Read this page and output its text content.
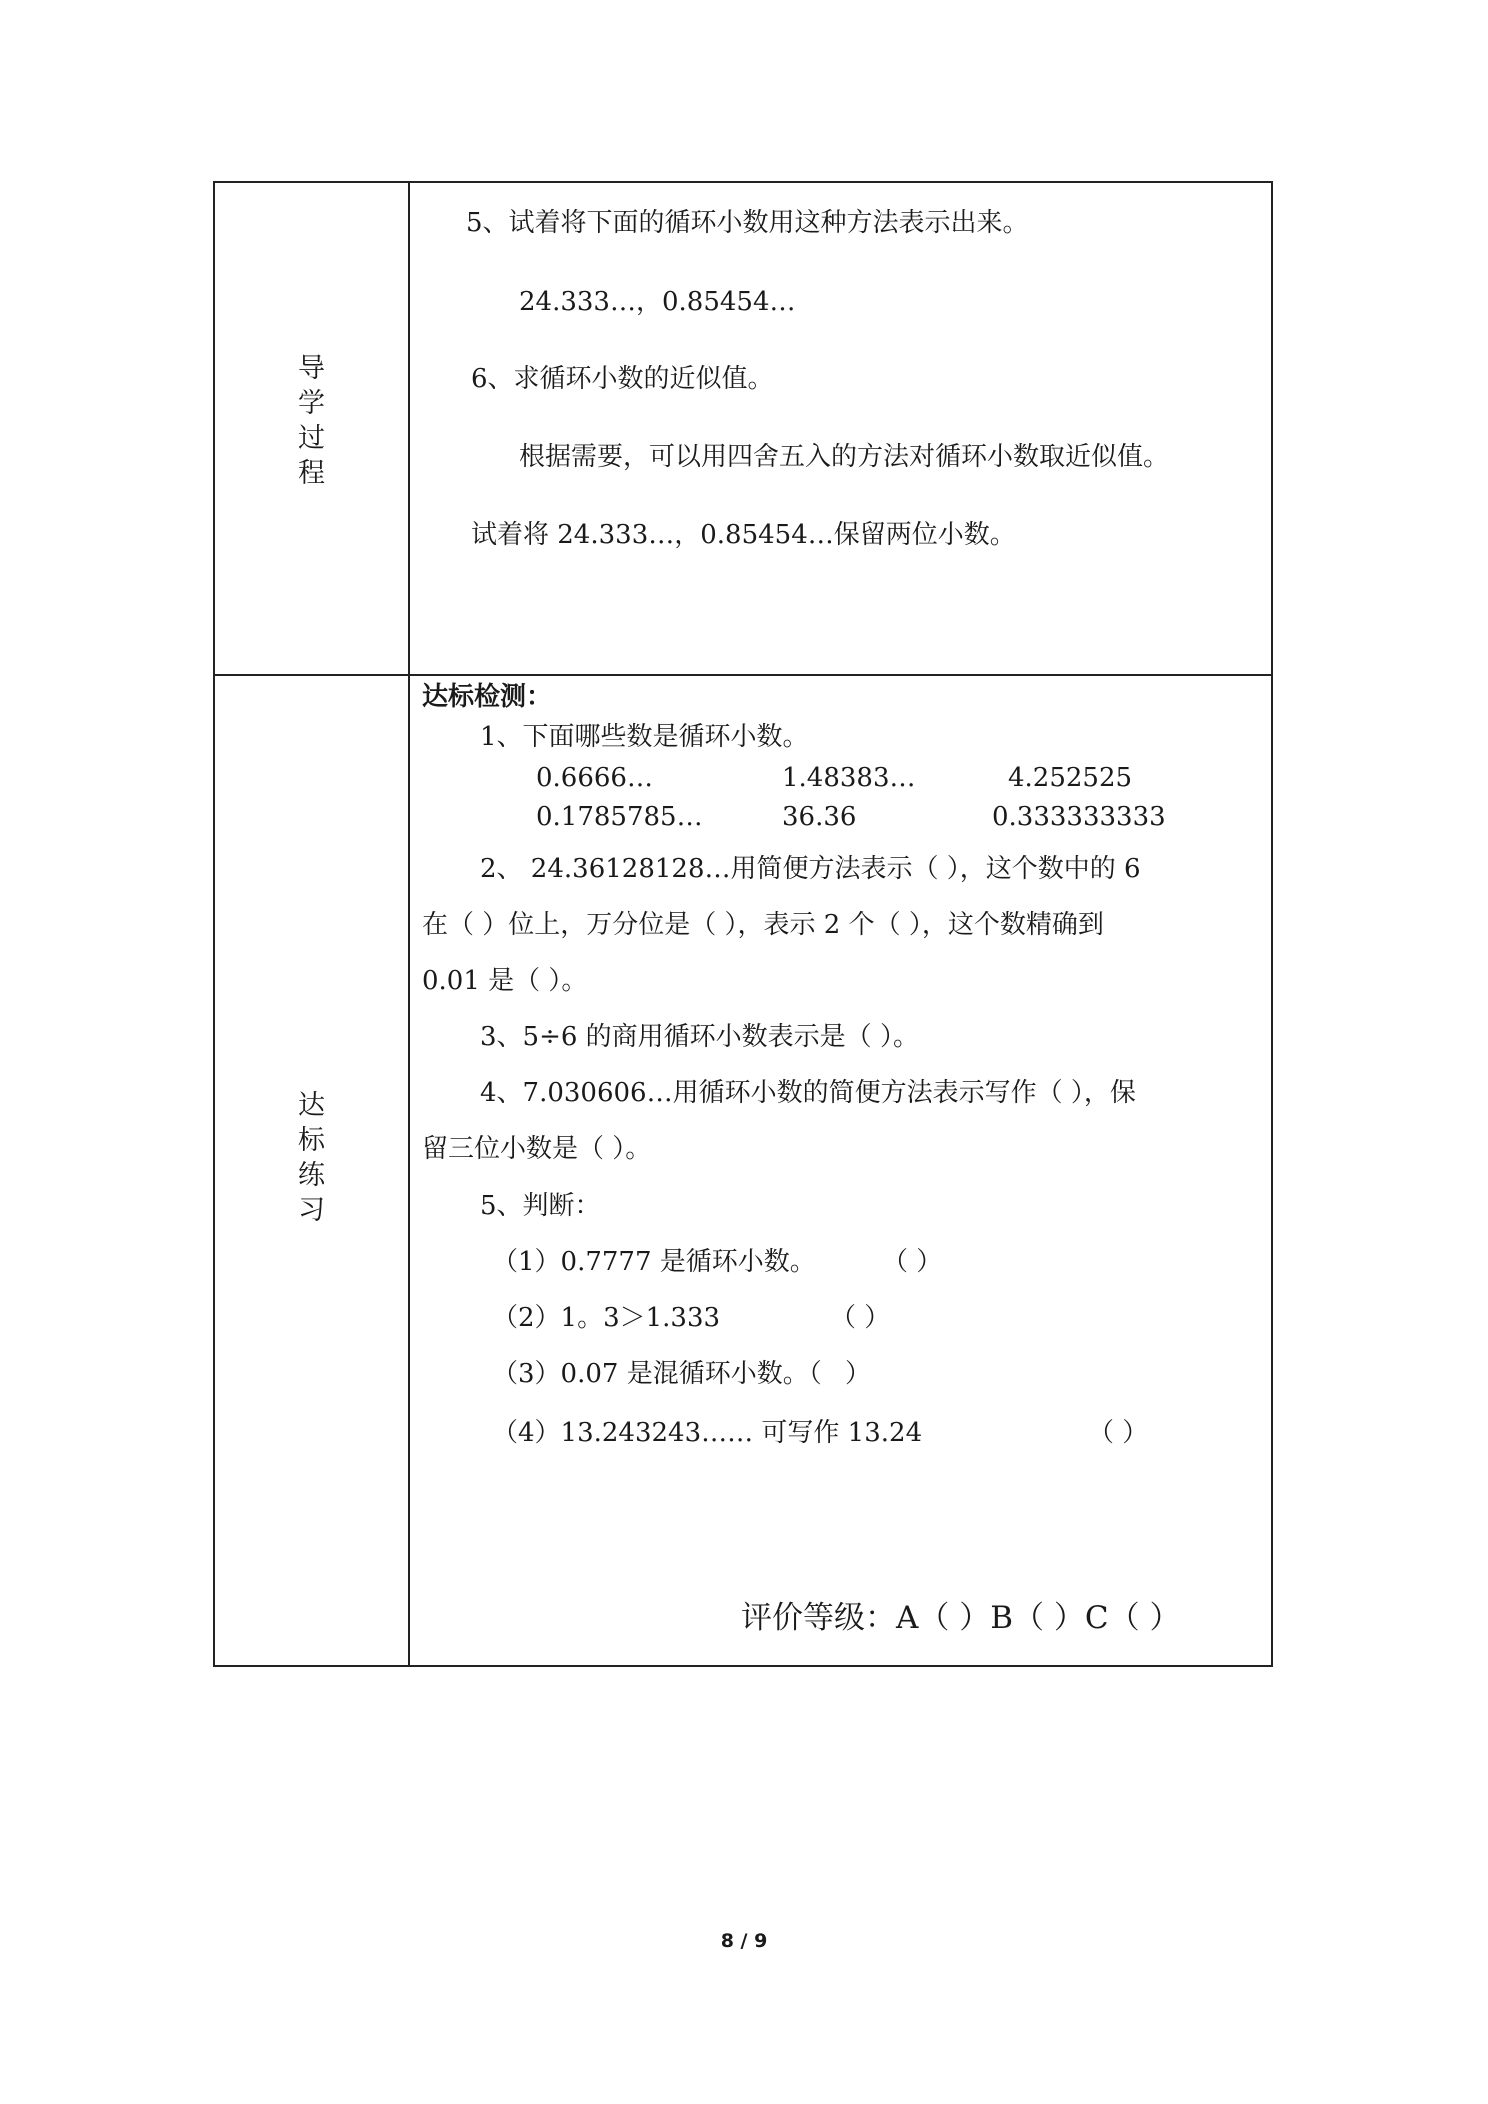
导
学
过
程
达
标
练
习
5、试着将下面的循环小数用这种方法表示出来。
24.333…，0.85454…
6、求循环小数的近似值。
根据需要，可以用四舍五入的方法对循环小数取近似值。
试着将 24.333…，0.85454…保留两位小数。
达标检测：
1、下面哪些数是循环小数。
0.6666…	1.48383…	4.252525
0.1785785…	36.36	0.333333333
2、 24.36128128…用简便方法表示（ ），这个数中的 6
在（ ）位上，万分位是（ ），表示 2 个（ ），这个数精确到
0.01 是（ ）。
3、5÷6 的商用循环小数表示是（ ）。
4、7.030606…用循环小数的简便方法表示写作（ ），保
留三位小数是（ ）。
5、判断：
（1）0.7777 是循环小数。	（ ）
（2）1。3＞1.333	（ ）
（3）0.07 是混循环小数。（ ）
（4）13.243243…… 可写作 13.24	（ ）
评价等级：A（ ）B（ ）C（ ）
8 / 9
